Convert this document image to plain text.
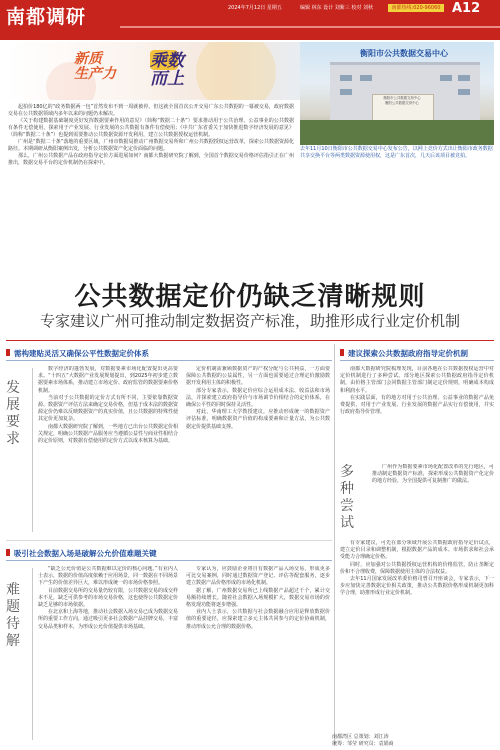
南都调研	2024年7月12日 星期五	编辑 林东 设计 刘紫三 校对 刘秋	南都热线:020-96060 A12
新质
生产力
乘数
而上
衡阳市公共数据交易中心
衡阳市公共数据交易中心
衡阳公共数据交易中心
去年11月10日衡阳市公共数据交易中心发布公告，以网上竞价方式出让衡阳市政务数据共享交换平台等两类数据资源使用权，这是广东首次，几天后该项目被竞拍。

起拍价180亿的“政务数据两一包”首然发布不到一周就被停。但这就全国首次公开交易广东公共数据的一幕被交易，政府数据交易在公共数据领域内多年以来的问题仍未解决。

《关于构建数据基础制度更好发挥数据要素作用的意见》（简称“数据二十条”）要求推动用于公共治理、公益事业的公共数据有条件无偿使用，探索用于产业发展、行业发展的公共数据有条件有偿使用；《中共广东省委关于加快推进数字经济发展的意见》（简称“数据二十条”）也提到需要推动公共数据资源开发利用，建立公共数据授权运营机制。

广州是“数据二十条”落地的重要区域，广州市数据局推动广州数据交易所和广州公共数据授权运营改革，探索公共数据资源化路径。本期调研从衡阳案例出发，分析公共数据资产化定价面临的问题。

那么，广州公共数据产品在政府指导定价方面进展如何？南都大数据研究院了解到，全国首个数据交易价格评估指引正在广州推出，数据交易平台的定价机制仍在探索中。

公共数据定价仍缺乏清晰规则
专家建议广州可推动制定数据资产标准，助推形成行业定价机制
需构建贴灵活又确保公平性数据定价体系
发
展
要
求

数字经济的蓬勃发展，对数据要素市场化配置提出更高要求。“十四五”大数据产业发展规划提出，到2025年初步建立数据要素市场体系，推动建立市场定价、政府监管的数据要素价格机制。

当前对于公共数据的定价方式有所不同，主要依靠数据资源、数据资产评估方法来确定交易价格，但基于成本法的数据资源定价仍难以反映数据资产的真实价值，且公共数据的特殊性使其定价更加复杂。

南都大数据研究院了解到，一些地方已出台公共数据定价相关规定，明确公共数据产品服务应当遵循公益性与商业性相结合的定价原则，对数据有偿使用的定价方式以成本核算为基础。

定价机制需兼顾数据资产的产权分配与公共利益，一方面要保障公共数据的公益属性，另一方面也需要通过合理定价激励数据开发利用主体的积极性。

部分专家表示，数据定价应综合运用成本法、收益法和市场法，并探索建立政府指导价与市场调节价相结合的定价体系，在确保公平性的同时保持灵活性。

对此，华南理工大学教授建议，应推动形成统一的数据资产评估标准，明确数据资产价值的构成要素和计量方法，为公共数据定价提供基础支撑。

吸引社会数据入场是破解公允价值难题关键
难
题
待
解

“缺乏公允价值是公共数据难以定价的核心问题。”有业内人士表示，数据的价值高度依赖于应用场景，同一数据在不同场景下产生的价值差异巨大，难以形成统一的市场价格参照。

目前数据交易所的交易量仍较有限，公共数据交易的成交样本不足，缺乏可供参考的市场交易价格，这也使得公共数据定价缺乏足够的市场依据。

在北京和上海等地，推动社会数据入场交易已成为数据交易所的重要工作方向，通过吸引更多社会数据产品挂牌交易，丰富交易品类和样本，为形成公允价值提供市场基础。

专家认为，应鼓励企业将自有数据产品入场交易，形成更多可比交易案例，同时通过数据资产登记、评估等配套服务，逐步建立数据产品价格形成的市场化机制。

据了解，广州数据交易所已上线数据产品超过千个，累计交易额持续增长。随着社会数据入场规模扩大，数据交易市场的价格发现功能将逐步增强。

业内人士表示，公共数据与社会数据融合应用是释放数据价值的重要途径，应探索建立多元主体共同参与的定价协商机制，推动形成公允合理的数据价格。

建议探索公共数据政府指导定价机制

南都大数据研究院梳理发现，目前各地在公共数据授权运营中对定价机制进行了多种尝试。部分地区探索公共数据政府指导定价机制，由价格主管部门会同数据主管部门制定定价规则，明确成本构成和利润水平。

在实践层面，有的地方对用于公共治理、公益事业的数据产品免费提供，对用于产业发展、行业发展的数据产品实行有偿使用，并实行政府指导价管理。

多
种
尝
试

广州作为数据要素市场化配置改革的先行地区，可推动制定数据资产标准，探索形成公共数据资产化定价的地方经验，为全国提供可复制推广的做法。

有专家建议，可先在部分领域开展公共数据政府指导定价试点，建立定价目录和调整机制，根据数据产品的成本、市场供求和社会承受能力合理确定价格。

同时，应加强对公共数据授权运营机构的价格监管，防止垄断定价和不合理收费，保障数据使用主体的合法权益。

去年11月国家发展改革委价格司曾召开座谈会，专家表示，下一步应加快完善数据定价相关政策，推动公共数据价格形成机制更加科学合理，助推形成行业定价机制。

南都湾区 总策划：刘江涛
统筹：邹莹 研究员：袁娟商
